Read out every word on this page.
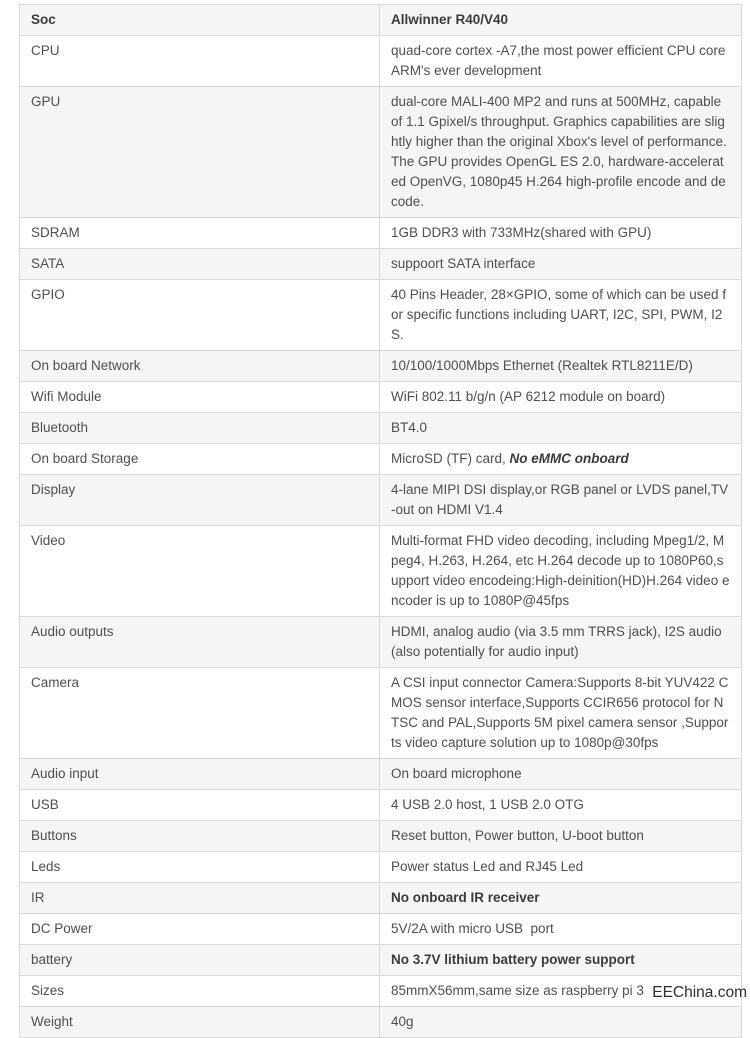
Soc	Allwinner R40/V40
CPU	quad-core cortex -A7,the most power efficient CPU core ARM's ever development
GPU	dual-core MALI-400 MP2 and runs at 500MHz, capable of 1.1 Gpixel/s throughput. Graphics capabilities are slightly higher than the original Xbox's level of performance. The GPU provides OpenGL ES 2.0, hardware-accelerated OpenVG, 1080p45 H.264 high-profile encode and decode.
SDRAM	1GB DDR3 with 733MHz(shared with GPU)
SATA	suppoort SATA interface
GPIO	40 Pins Header, 28×GPIO, some of which can be used for specific functions including UART, I2C, SPI, PWM, I2S.
On board Network	10/100/1000Mbps Ethernet (Realtek RTL8211E/D)
Wifi Module	WiFi 802.11 b/g/n (AP 6212 module on board)
Bluetooth	BT4.0
On board Storage	MicroSD (TF) card, No eMMC onboard
Display	4-lane MIPI DSI display,or RGB panel or LVDS panel,TV-out on HDMI V1.4
Video	Multi-format FHD video decoding, including Mpeg1/2, Mpeg4, H.263, H.264, etc H.264 decode up to 1080P60,support video encodeing:High-deinition(HD)H.264 video encoder is up to 1080P@45fps
Audio outputs	HDMI, analog audio (via 3.5 mm TRRS jack), I2S audio (also potentially for audio input)
Camera	A CSI input connector Camera:Supports 8-bit YUV422 CMOS sensor interface,Supports CCIR656 protocol for NTSC and PAL,Supports 5M pixel camera sensor ,Supports video capture solution up to 1080p@30fps
Audio input	On board microphone
USB	4 USB 2.0 host, 1 USB 2.0 OTG
Buttons	Reset button, Power button, U-boot button
Leds	Power status Led and RJ45 Led
IR	No onboard IR receiver
DC Power	5V/2A with micro USB  port
battery	No 3.7V lithium battery power support
Sizes	85mmX56mm,same size as raspberry pi 3
Weight	40g
EEChina.com
